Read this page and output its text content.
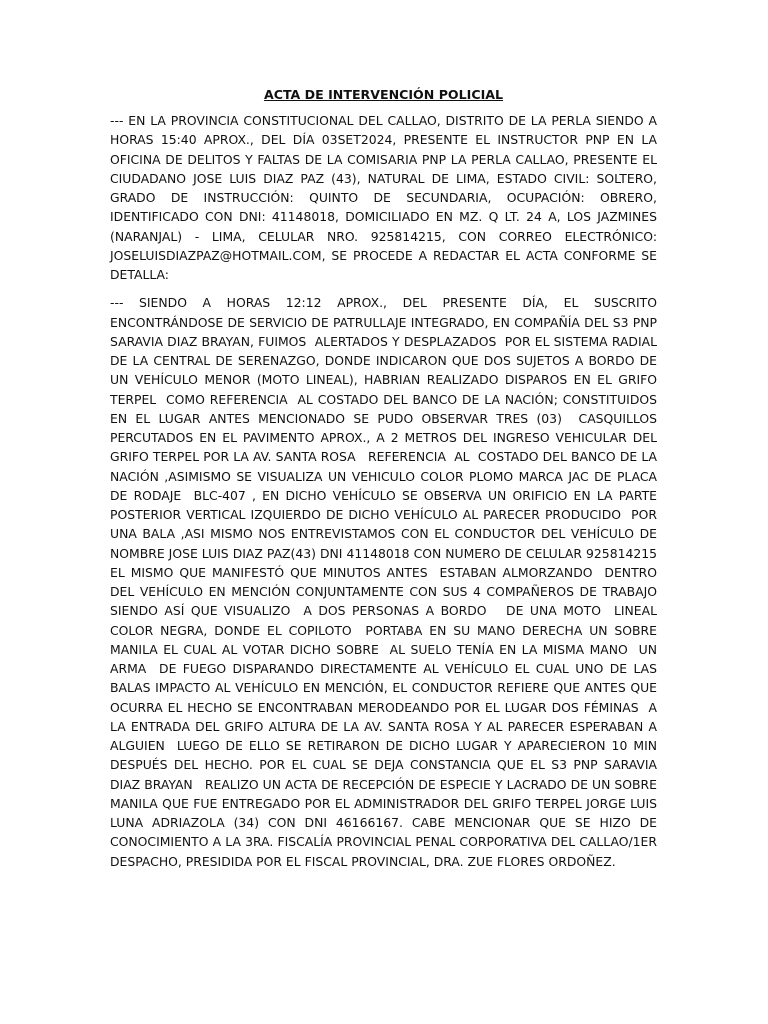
ACTA DE INTERVENCIÓN POLICIAL

--- EN LA PROVINCIA CONSTITUCIONAL DEL CALLAO, DISTRITO DE LA PERLA SIENDO A HORAS 15:40 APROX., DEL DÍA 03SET2024, PRESENTE EL INSTRUCTOR PNP EN LA OFICINA DE DELITOS Y FALTAS DE LA COMISARIA PNP LA PERLA CALLAO, PRESENTE EL CIUDADANO JOSE LUIS DIAZ PAZ (43), NATURAL DE LIMA, ESTADO CIVIL: SOLTERO, GRADO DE INSTRUCCIÓN: QUINTO DE SECUNDARIA, OCUPACIÓN: OBRERO, IDENTIFICADO CON DNI: 41148018, DOMICILIADO EN MZ. Q LT. 24 A, LOS JAZMINES (NARANJAL) - LIMA, CELULAR NRO. 925814215, CON CORREO ELECTRÓNICO: JOSELUISDIAZPAZ@HOTMAIL.COM, SE PROCEDE A REDACTAR EL ACTA CONFORME SE DETALLA:

--- SIENDO A HORAS 12:12 APROX., DEL PRESENTE DÍA, EL SUSCRITO ENCONTRÁNDOSE DE SERVICIO DE PATRULLAJE INTEGRADO, EN COMPAÑÍA DEL S3 PNP SARAVIA DIAZ BRAYAN, FUIMOS  ALERTADOS Y DESPLAZADOS  POR EL SISTEMA RADIAL DE LA CENTRAL DE SERENAZGO, DONDE INDICARON QUE DOS SUJETOS A BORDO DE UN VEHÍCULO MENOR (MOTO LINEAL), HABRIAN REALIZADO DISPAROS EN EL GRIFO TERPEL  COMO REFERENCIA  AL COSTADO DEL BANCO DE LA NACIÓN; CONSTITUIDOS EN EL LUGAR ANTES MENCIONADO SE PUDO OBSERVAR TRES (03)  CASQUILLOS PERCUTADOS EN EL PAVIMENTO APROX., A 2 METROS DEL INGRESO VEHICULAR DEL GRIFO TERPEL POR LA AV. SANTA ROSA   REFERENCIA  AL  COSTADO DEL BANCO DE LA NACIÓN ,ASIMISMO SE VISUALIZA UN VEHICULO COLOR PLOMO MARCA JAC DE PLACA DE RODAJE  BLC-407 , EN DICHO VEHÍCULO SE OBSERVA UN ORIFICIO EN LA PARTE POSTERIOR VERTICAL IZQUIERDO DE DICHO VEHÍCULO AL PARECER PRODUCIDO  POR UNA BALA ,ASI MISMO NOS ENTREVISTAMOS CON EL CONDUCTOR DEL VEHÍCULO DE NOMBRE JOSE LUIS DIAZ PAZ(43) DNI 41148018 CON NUMERO DE CELULAR 925814215 EL MISMO QUE MANIFESTÓ QUE MINUTOS ANTES  ESTABAN ALMORZANDO  DENTRO DEL VEHÍCULO EN MENCIÓN CONJUNTAMENTE CON SUS 4 COMPAÑEROS DE TRABAJO SIENDO ASÍ QUE VISUALIZO  A DOS PERSONAS A BORDO   DE UNA MOTO  LINEAL COLOR NEGRA, DONDE EL COPILOTO  PORTABA EN SU MANO DERECHA UN SOBRE MANILA EL CUAL AL VOTAR DICHO SOBRE  AL SUELO TENÍA EN LA MISMA MANO  UN ARMA  DE FUEGO DISPARANDO DIRECTAMENTE AL VEHÍCULO EL CUAL UNO DE LAS BALAS IMPACTO AL VEHÍCULO EN MENCIÓN, EL CONDUCTOR REFIERE QUE ANTES QUE OCURRA EL HECHO SE ENCONTRABAN MERODEANDO POR EL LUGAR DOS FÉMINAS  A LA ENTRADA DEL GRIFO ALTURA DE LA AV. SANTA ROSA Y AL PARECER ESPERABAN A ALGUIEN  LUEGO DE ELLO SE RETIRARON DE DICHO LUGAR Y APARECIERON 10 MIN DESPUÉS DEL HECHO. POR EL CUAL SE DEJA CONSTANCIA QUE EL S3 PNP SARAVIA DIAZ BRAYAN   REALIZO UN ACTA DE RECEPCIÓN DE ESPECIE Y LACRADO DE UN SOBRE MANILA QUE FUE ENTREGADO POR EL ADMINISTRADOR DEL GRIFO TERPEL JORGE LUIS LUNA ADRIAZOLA (34) CON DNI 46166167. CABE MENCIONAR QUE SE HIZO DE CONOCIMIENTO A LA 3RA. FISCALÍA PROVINCIAL PENAL CORPORATIVA DEL CALLAO/1ER DESPACHO, PRESIDIDA POR EL FISCAL PROVINCIAL, DRA. ZUE FLORES ORDOÑEZ.
